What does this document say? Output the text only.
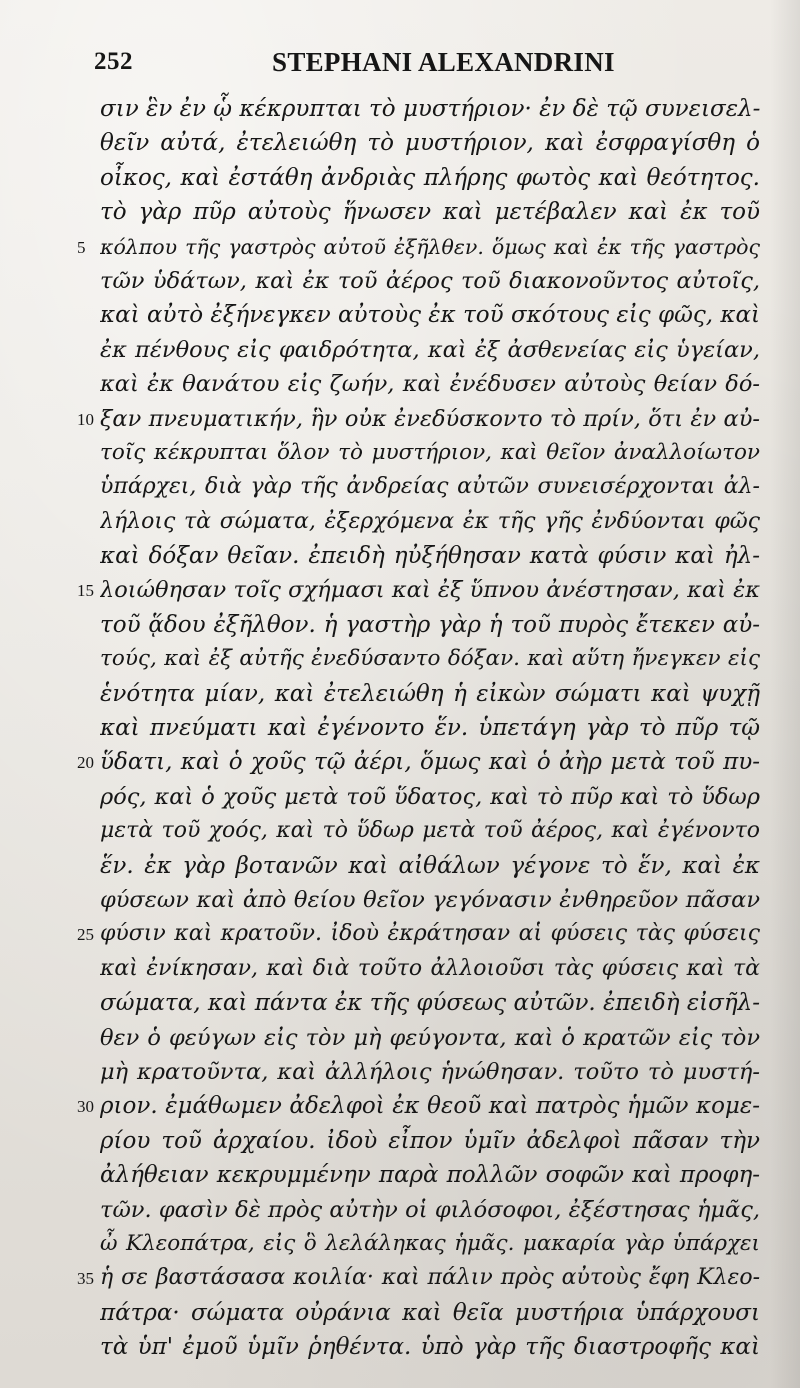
252	STEPHANI ALEXANDRINI
σιν ἓν ἐν ᾧ κέκρυπται τὸ μυστήριον· ἐν δὲ τῷ συνεισελ-
θεῖν αὐτά, ἐτελειώθη τὸ μυστήριον, καὶ ἐσφραγίσθη ὁ
οἶκος, καὶ ἐστάθη ἀνδριὰς πλήρης φωτὸς καὶ θεότητος.
τὸ γὰρ πῦρ αὐτοὺς ἥνωσεν καὶ μετέβαλεν καὶ ἐκ τοῦ
5 κόλπου τῆς γαστρὸς αὐτοῦ ἐξῆλθεν. ὅμως καὶ ἐκ τῆς γαστρὸς
τῶν ὑδάτων, καὶ ἐκ τοῦ ἀέρος τοῦ διακονοῦντος αὐτοῖς,
καὶ αὐτὸ ἐξήνεγκεν αὐτοὺς ἐκ τοῦ σκότους εἰς φῶς, καὶ
ἐκ πένθους εἰς φαιδρότητα, καὶ ἐξ ἀσθενείας εἰς ὑγείαν,
καὶ ἐκ θανάτου εἰς ζωήν, καὶ ἐνέδυσεν αὐτοὺς θείαν δό-
10 ξαν πνευματικήν, ἣν οὐκ ἐνεδύσκοντο τὸ πρίν, ὅτι ἐν αὐ-
τοῖς κέκρυπται ὅλον τὸ μυστήριον, καὶ θεῖον ἀναλλοίωτον
ὑπάρχει, διὰ γὰρ τῆς ἀνδρείας αὐτῶν συνεισέρχονται ἀλ-
λήλοις τὰ σώματα, ἐξερχόμενα ἐκ τῆς γῆς ἐνδύονται φῶς
καὶ δόξαν θεῖαν. ἐπειδὴ ηὐξήθησαν κατὰ φύσιν καὶ ἠλ-
15 λοιώθησαν τοῖς σχήμασι καὶ ἐξ ὕπνου ἀνέστησαν, καὶ ἐκ
τοῦ ᾅδου ἐξῆλθον. ἡ γαστὴρ γὰρ ἡ τοῦ πυρὸς ἔτεκεν αὐ-
τούς, καὶ ἐξ αὐτῆς ἐνεδύσαντο δόξαν. καὶ αὕτη ἤνεγκεν εἰς
ἑνότητα μίαν, καὶ ἐτελειώθη ἡ εἰκὼν σώματι καὶ ψυχῇ
καὶ πνεύματι καὶ ἐγένοντο ἕν. ὑπετάγη γὰρ τὸ πῦρ τῷ
20 ὕδατι, καὶ ὁ χοῦς τῷ ἀέρι, ὅμως καὶ ὁ ἀὴρ μετὰ τοῦ πυ-
ρός, καὶ ὁ χοῦς μετὰ τοῦ ὕδατος, καὶ τὸ πῦρ καὶ τὸ ὕδωρ
μετὰ τοῦ χοός, καὶ τὸ ὕδωρ μετὰ τοῦ ἀέρος, καὶ ἐγένοντο
ἕν. ἐκ γὰρ βοτανῶν καὶ αἰθάλων γέγονε τὸ ἕν, καὶ ἐκ
φύσεων καὶ ἀπὸ θείου θεῖον γεγόνασιν ἐνθηρεῦον πᾶσαν
25 φύσιν καὶ κρατοῦν. ἰδοὺ ἐκράτησαν αἱ φύσεις τὰς φύσεις
καὶ ἐνίκησαν, καὶ διὰ τοῦτο ἀλλοιοῦσι τὰς φύσεις καὶ τὰ
σώματα, καὶ πάντα ἐκ τῆς φύσεως αὐτῶν. ἐπειδὴ εἰσῆλ-
θεν ὁ φεύγων εἰς τὸν μὴ φεύγοντα, καὶ ὁ κρατῶν εἰς τὸν
μὴ κρατοῦντα, καὶ ἀλλήλοις ἡνώθησαν. τοῦτο τὸ μυστή-
30 ριον. ἐμάθωμεν ἀδελφοὶ ἐκ θεοῦ καὶ πατρὸς ἡμῶν κομε-
ρίου τοῦ ἀρχαίου. ἰδοὺ εἶπον ὑμῖν ἀδελφοὶ πᾶσαν τὴν
ἀλήθειαν κεκρυμμένην παρὰ πολλῶν σοφῶν καὶ προφη-
τῶν. φασὶν δὲ πρὸς αὐτὴν οἱ φιλόσοφοι, ἐξέστησας ἡμᾶς,
ὦ Κλεοπάτρα, εἰς ὃ λελάληκας ἡμᾶς. μακαρία γὰρ ὑπάρχει
35 ἡ σε βαστάσασα κοιλία· καὶ πάλιν πρὸς αὐτοὺς ἔφη Κλεο-
πάτρα· σώματα οὐράνια καὶ θεῖα μυστήρια ὑπάρχουσι
τὰ ὑπ' ἐμοῦ ὑμῖν ῥηθέντα. ὑπὸ γὰρ τῆς διαστροφῆς καὶ
